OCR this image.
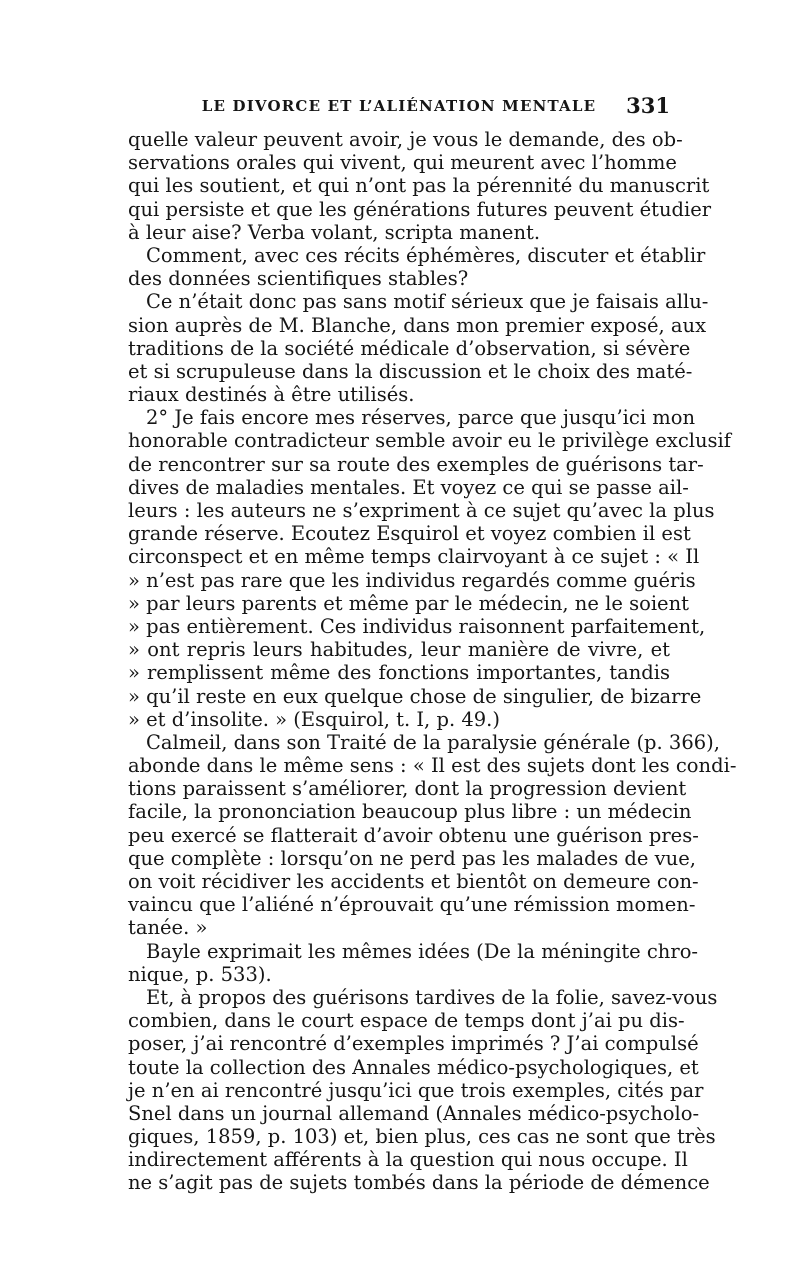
LE DIVORCE ET L’ALIÉNATION MENTALE	331
quelle valeur peuvent avoir, je vous le demande, des ob-
servations orales qui vivent, qui meurent avec l’homme
qui les soutient, et qui n’ont pas la pérennité du manuscrit
qui persiste et que les générations futures peuvent étudier
à leur aise? Verba volant, scripta manent.
Comment, avec ces récits éphémères, discuter et établir
des données scientifiques stables?
Ce n’était donc pas sans motif sérieux que je faisais allu-
sion auprès de M. Blanche, dans mon premier exposé, aux
traditions de la société médicale d’observation, si sévère
et si scrupuleuse dans la discussion et le choix des maté-
riaux destinés à être utilisés.
2° Je fais encore mes réserves, parce que jusqu’ici mon
honorable contradicteur semble avoir eu le privilège exclusif
de rencontrer sur sa route des exemples de guérisons tar-
dives de maladies mentales. Et voyez ce qui se passe ail-
leurs : les auteurs ne s’expriment à ce sujet qu’avec la plus
grande réserve. Ecoutez Esquirol et voyez combien il est
circonspect et en même temps clairvoyant à ce sujet : « Il
» n’est pas rare que les individus regardés comme guéris
» par leurs parents et même par le médecin, ne le soient
» pas entièrement. Ces individus raisonnent parfaitement,
» ont repris leurs habitudes, leur manière de vivre, et
» remplissent même des fonctions importantes, tandis
» qu’il reste en eux quelque chose de singulier, de bizarre
» et d’insolite. » (Esquirol, t. I, p. 49.)
Calmeil, dans son Traité de la paralysie générale (p. 366),
abonde dans le même sens : « Il est des sujets dont les condi-
tions paraissent s’améliorer, dont la progression devient
facile, la prononciation beaucoup plus libre : un médecin
peu exercé se flatterait d’avoir obtenu une guérison pres-
que complète : lorsqu’on ne perd pas les malades de vue,
on voit récidiver les accidents et bientôt on demeure con-
vaincu que l’aliéné n’éprouvait qu’une rémission momen-
tanée. »
Bayle exprimait les mêmes idées (De la méningite chro-
nique, p. 533).
Et, à propos des guérisons tardives de la folie, savez-vous
combien, dans le court espace de temps dont j’ai pu dis-
poser, j’ai rencontré d’exemples imprimés ? J’ai compulsé
toute la collection des Annales médico-psychologiques, et
je n’en ai rencontré jusqu’ici que trois exemples, cités par
Snel dans un journal allemand (Annales médico-psycholo-
giques, 1859, p. 103) et, bien plus, ces cas ne sont que très
indirectement afférents à la question qui nous occupe. Il
ne s’agit pas de sujets tombés dans la période de démence
